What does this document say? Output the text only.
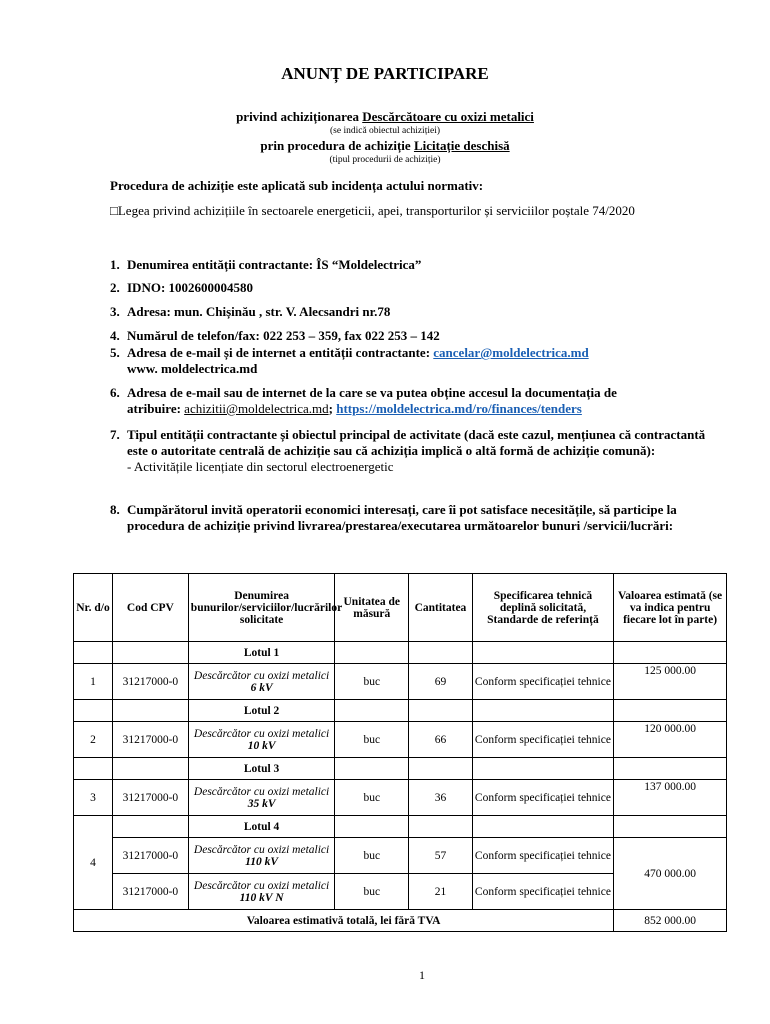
ANUNȚ DE PARTICIPARE
privind achiziționarea Descărcătoare cu oxizi metalici
(se indică obiectul achiziției)
prin procedura de achiziție Licitație deschisă
(tipul procedurii de achiziție)
Procedura de achiziție este aplicată sub incidența actului normativ:
□Legea privind achizițiile în sectoarele energeticii, apei, transporturilor și serviciilor poștale 74/2020
1. Denumirea entității contractante: ÎS “Moldelectrica”
2. IDNO: 1002600004580
3. Adresa: mun. Chișinău , str. V. Alecsandri nr.78
4. Numărul de telefon/fax: 022 253 – 359, fax 022 253 – 142
5. Adresa de e-mail și de internet a entității contractante: cancelar@moldelectrica.md
www. moldelectrica.md
6. Adresa de e-mail sau de internet de la care se va putea obține accesul la documentația de
atribuire: achizitii@moldelectrica.md; https://moldelectrica.md/ro/finances/tenders
7. Tipul entității contractante și obiectul principal de activitate (dacă este cazul, mențiunea că contractantă este o autoritate centrală de achiziție sau că achiziția implică o altă formă de achiziție comună):
- Activitățile licențiate din sectorul electroenergetic
8. Cumpărătorul invită operatorii economici interesați, care îi pot satisface necesitățile, să participe la procedura de achiziție privind livrarea/prestarea/executarea următoarelor bunuri /servicii/lucrări:
Nr. d/o	Cod CPV	Denumirea bunurilor/serviciilor/lucrărilor solicitate	Unitatea de măsură	Cantitatea	Specificarea tehnică deplină solicitată, Standarde de referință	Valoarea estimată (se va indica pentru fiecare lot în parte)
		Lotul 1				
1	31217000-0	Descărcător cu oxizi metalici 6 kV	buc	69	Conform specificației tehnice	125 000.00
		Lotul 2				
2	31217000-0	Descărcător cu oxizi metalici 10 kV	buc	66	Conform specificației tehnice	120 000.00
		Lotul 3				
3	31217000-0	Descărcător cu oxizi metalici 35 kV	buc	36	Conform specificației tehnice	137 000.00
4		Lotul 4				
	31217000-0	Descărcător cu oxizi metalici 110 kV	buc	57	Conform specificației tehnice	470 000.00
	31217000-0	Descărcător cu oxizi metalici 110 kV N	buc	21	Conform specificației tehnice	
Valoarea estimativă totală, lei fără TVA						852 000.00
1
